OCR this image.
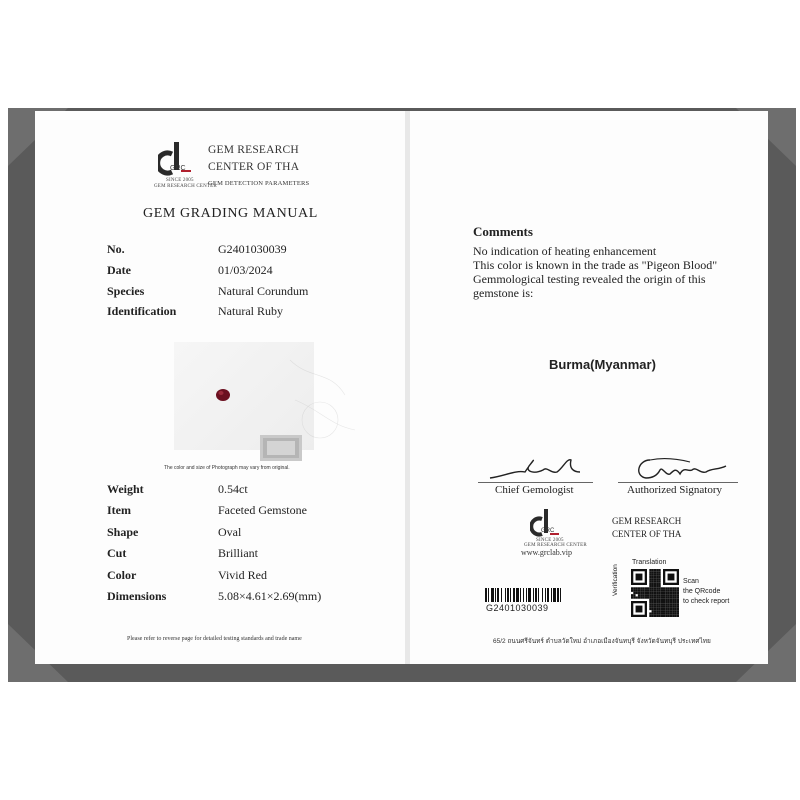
GRC
SINCE 2005
GEM RESEARCH CENTER
GEM RESEARCH
CENTER OF THA
GEM DETECTION PARAMETERS
GEM GRADING MANUAL
No.	G2401030039
Date	01/03/2024
Species	Natural Corundum
Identification	Natural Ruby
The color and size of Photograph may vary from original.
Weight	0.54ct
Item	Faceted Gemstone
Shape	Oval
Cut	Brilliant
Color	Vivid Red
Dimensions	5.08×4.61×2.69(mm)
Please refer to reverse page for detailed testing standards and trade name
Comments
No indication of heating enhancement
This color is known in the trade as "Pigeon Blood"
Gemmological testing revealed the origin of this
gemstone is:
Burma(Myanmar)
Chief Gemologist	Authorized Signatory
GRC
SINCE 2005
GEM RESEARCH CENTER
www.grclab.vip
GEM RESEARCH
CENTER OF THA
G2401030039
Translation
Verification	Scan
the QRcode
to check report
65/2 ถนนศรีจันทร์ ตำบลวัดใหม่ อำเภอเมืองจันทบุรี จังหวัดจันทบุรี ประเทศไทย
